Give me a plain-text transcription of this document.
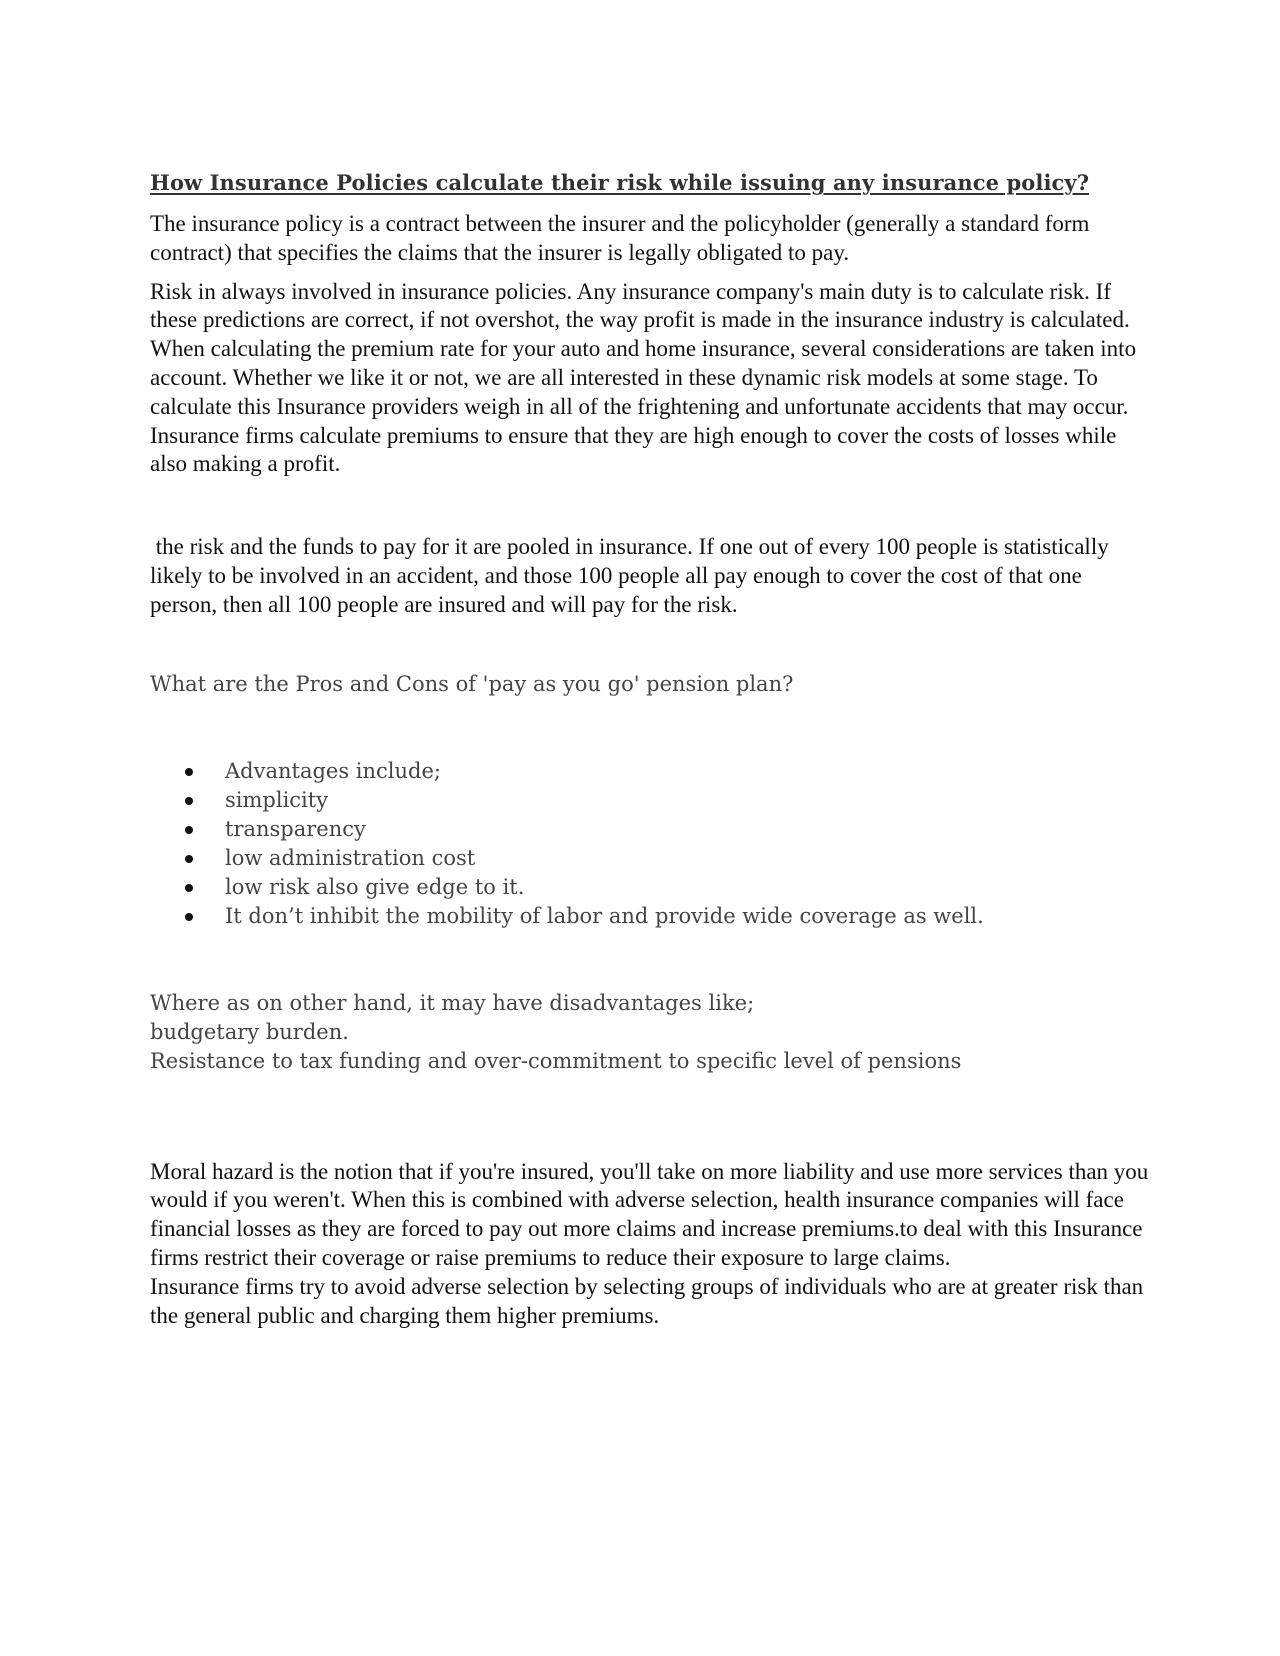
How Insurance Policies calculate their risk while issuing any insurance policy?

The insurance policy is a contract between the insurer and the policyholder (generally a standard form contract) that specifies the claims that the insurer is legally obligated to pay.

Risk in always involved in insurance policies. Any insurance company's main duty is to calculate risk. If these predictions are correct, if not overshot, the way profit is made in the insurance industry is calculated. When calculating the premium rate for your auto and home insurance, several considerations are taken into account. Whether we like it or not, we are all interested in these dynamic risk models at some stage. To calculate this Insurance providers weigh in all of the frightening and unfortunate accidents that may occur. Insurance firms calculate premiums to ensure that they are high enough to cover the costs of losses while also making a profit.

the risk and the funds to pay for it are pooled in insurance. If one out of every 100 people is statistically likely to be involved in an accident, and those 100 people all pay enough to cover the cost of that one person, then all 100 people are insured and will pay for the risk.

What are the Pros and Cons of 'pay as you go' pension plan?

Advantages include;
simplicity
transparency
low administration cost
low risk also give edge to it.
It don’t inhibit the mobility of labor and provide wide coverage as well.

Where as on other hand, it may have disadvantages like;

budgetary burden.

Resistance to tax funding and over-commitment to specific level of pensions

Moral hazard is the notion that if you're insured, you'll take on more liability and use more services than you would if you weren't. When this is combined with adverse selection, health insurance companies will face financial losses as they are forced to pay out more claims and increase premiums.to deal with this Insurance firms restrict their coverage or raise premiums to reduce their exposure to large claims.

Insurance firms try to avoid adverse selection by selecting groups of individuals who are at greater risk than the general public and charging them higher premiums.
